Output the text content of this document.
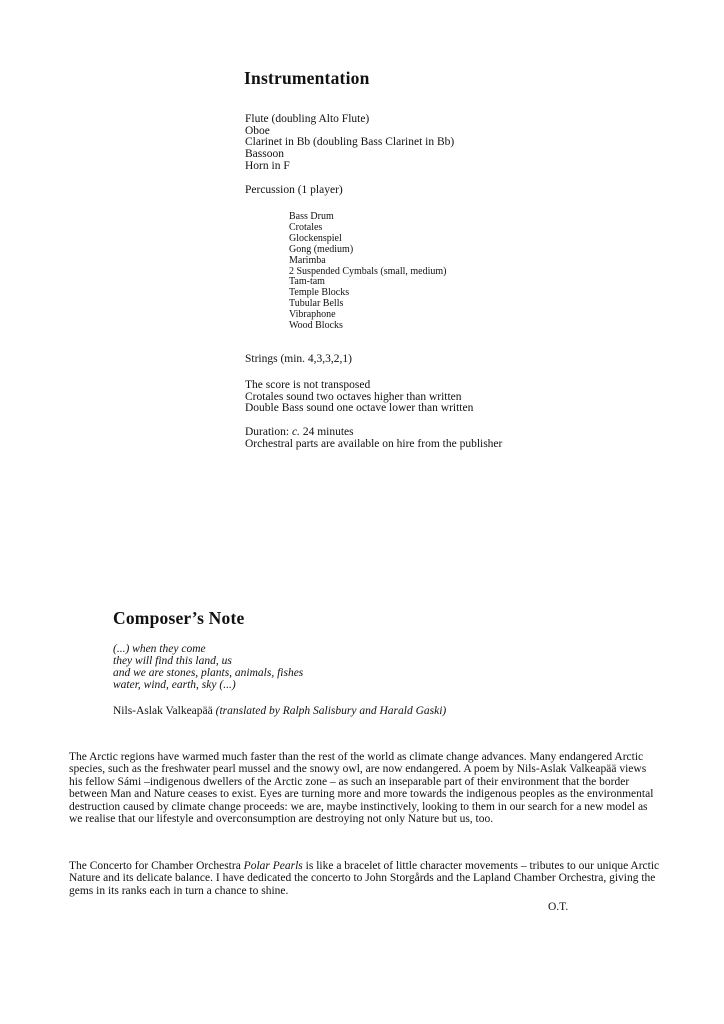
Instrumentation
Flute (doubling Alto Flute)
Oboe
Clarinet in Bb (doubling Bass Clarinet in Bb)
Bassoon
Horn in F
Percussion (1 player)
Bass Drum
Crotales
Glockenspiel
Gong (medium)
Marimba
2 Suspended Cymbals (small, medium)
Tam-tam
Temple Blocks
Tubular Bells
Vibraphone
Wood Blocks
Strings (min. 4,3,3,2,1)
The score is not transposed
Crotales sound two octaves higher than written
Double Bass sound one octave lower than written
Duration: c. 24 minutes
Orchestral parts are available on hire from the publisher
Composer’s Note
(...) when they come
they will find this land, us
and we are stones, plants, animals, fishes
water, wind, earth, sky (...)
Nils-Aslak Valkeapää (translated by Ralph Salisbury and Harald Gaski)

The Arctic regions have warmed much faster than the rest of the world as climate change advances. Many endangered Arctic species, such as the freshwater pearl mussel and the snowy owl, are now endangered. A poem by Nils-Aslak Valkeapää views his fellow Sámi –indigenous dwellers of the Arctic zone – as such an inseparable part of their environment that the border between Man and Nature ceases to exist. Eyes are turning more and more towards the indigenous peoples as the environmental destruction caused by climate change proceeds: we are, maybe instinctively, looking to them in our search for a new model as we realise that our lifestyle and overconsumption are destroying not only Nature but us, too.

The Concerto for Chamber Orchestra Polar Pearls is like a bracelet of little character movements – tributes to our unique Arctic Nature and its delicate balance. I have dedicated the concerto to John Storgårds and the Lapland Chamber Orchestra, giving the gems in its ranks each in turn a chance to shine.

O.T.
